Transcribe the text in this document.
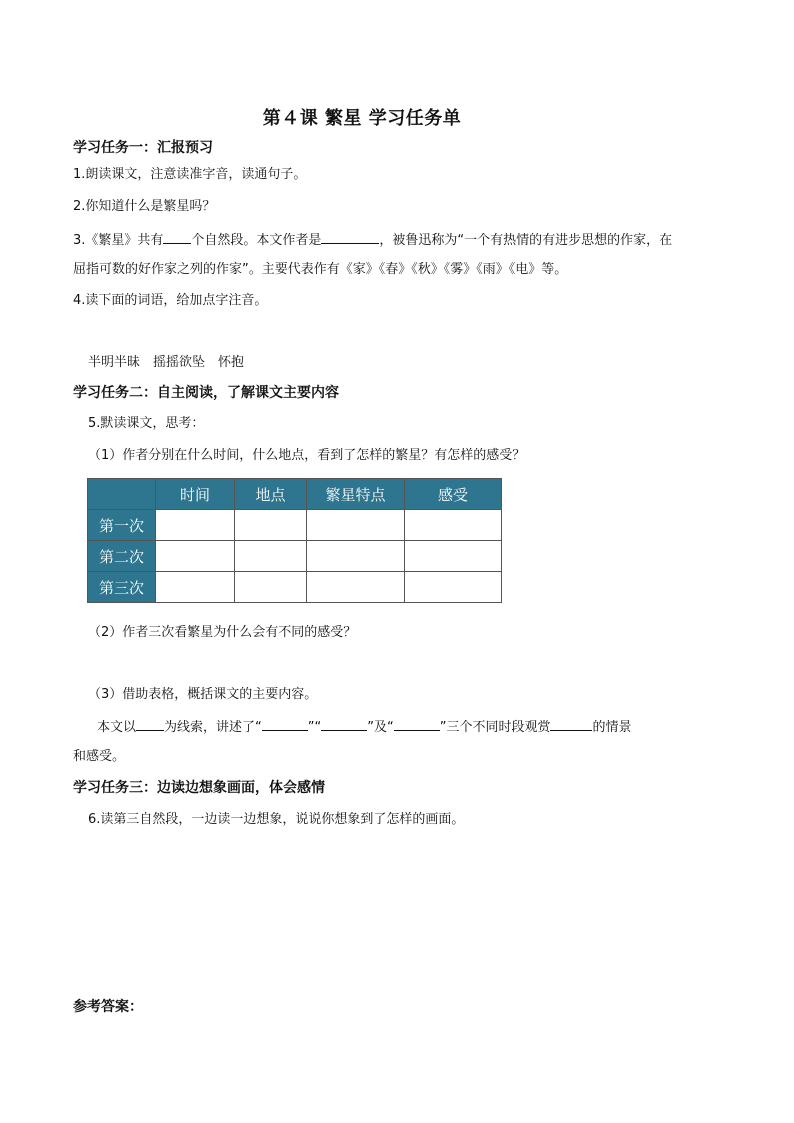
第４课 繁星 学习任务单
学习任务一：汇报预习
1.朗读课文，注意读准字音，读通句子。
2.你知道什么是繁星吗？
3.《繁星》共有 个自然段。本文作者是	，被鲁迅称为“一个有热情的有进步思想的作家，在
屈指可数的好作家之列的作家”。主要代表作有《家》《春》《秋》《雾》《雨》《电》等。
4.读下面的词语，给加点字注音。
半明半昧　摇摇欲坠　怀抱
学习任务二：自主阅读，了解课文主要内容
5.默读课文，思考：
（1）作者分别在什么时间，什么地点，看到了怎样的繁星？有怎样的感受？
	时间	地点	繁星特点	感受
第一次				
第二次				
第三次				
（2）作者三次看繁星为什么会有不同的感受？
（3）借助表格，概括课文的主要内容。
本文以 为线索，讲述了“	”“	”及“	”三个不同时段观赏	的情景
和感受。
学习任务三：边读边想象画面，体会感情
6.读第三自然段，一边读一边想象，说说你想象到了怎样的画面。
参考答案：
